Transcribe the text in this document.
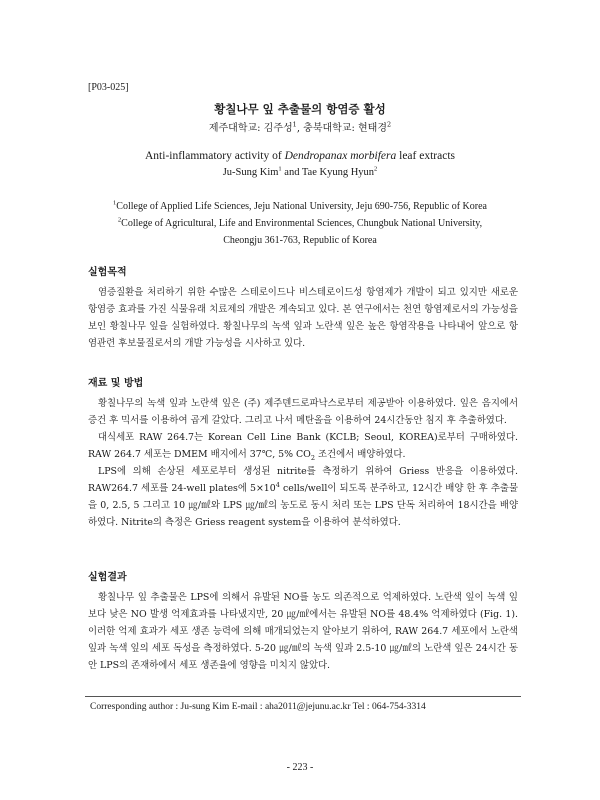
[P03-025]
황칠나무 잎 추출물의 항염증 활성
제주대학교: 김주성$^1$, 충북대학교: 현태경$^2$
Anti-inflammatory activity of Dendropanax morbifera leaf extracts
Ju-Sung Kim$^1$ and Tae Kyung Hyun$^2$
$^1$College of Applied Life Sciences, Jeju National University, Jeju 690-756, Republic of Korea
$^2$College of Agricultural, Life and Environmental Sciences, Chungbuk National University,
Cheongju 361-763, Republic of Korea
실험목적

염증질환을 처리하기 위한 수많은 스테로이드나 비스테로이드성 항염제가 개발이 되고 있지만 새로운 항염증 효과를 가진 식물유래 치료제의 개발은 계속되고 있다. 본 연구에서는 천연 항염제로서의 가능성을 보인 황칠나무 잎을 실험하였다. 황칠나무의 녹색 잎과 노란색 잎은 높은 항염작용을 나타내어 앞으로 항염관련 후보물질로서의 개발 가능성을 시사하고 있다.

재료 및 방법

황칠나무의 녹색 잎과 노란색 잎은 (주) 제주덴드로파낙스로부터 제공받아 이용하였다. 잎은 음지에서 증건 후 믹서를 이용하여 곱게 갈았다. 그리고 나서 메탄올을 이용하여 24시간동안 침지 후 추출하였다.

대식세포 RAW 264.7는 Korean Cell Line Bank (KCLB; Seoul, KOREA)로부터 구매하였다. RAW 264.7 세포는 DMEM 배지에서 37℃, 5% $CO_2$ 조건에서 배양하였다.

LPS에 의해 손상된 세포로부터 생성된 nitrite를 측정하기 위하여 Griess 반응을 이용하였다. RAW264.7 세포를 24-well plates에 $5\times 10^4$ cells/well이 되도록 분주하고, 12시간 배양 한 후 추출물을 0, 2.5, 5 그리고 10 ㎍/㎖와 LPS ㎍/㎖의 농도로 동시 처리 또는 LPS 단독 처리하여 18시간을 배양하였다. Nitrite의 측정은 Griess reagent system을 이용하여 분석하였다.

실험결과

황칠나무 잎 추출물은 LPS에 의해서 유발된 NO를 농도 의존적으로 억제하였다. 노란색 잎이 녹색 잎보다 낮은 NO 발생 억제효과를 나타냈지만, 20 ㎍/㎖에서는 유발된 NO를 48.4% 억제하였다 (Fig. 1). 이러한 억제 효과가 세포 생존 능력에 의해 매개되었는지 알아보기 위하여, RAW 264.7 세포에서 노란색 잎과 녹색 잎의 세포 독성을 측정하였다. 5-20 ㎍/㎖의 녹색 잎과 2.5-10 ㎍/㎖의 노란색 잎은 24시간 동안 LPS의 존재하에서 세포 생존율에 영향을 미치지 않았다.

Corresponding author : Ju-sung Kim E-mail : aha2011@jejunu.ac.kr Tel : 064-754-3314
- 223 -
